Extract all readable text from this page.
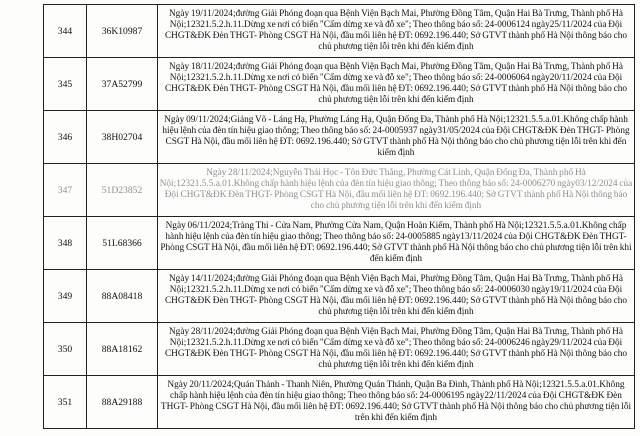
344	36K10987	Ngày 19/11/2024;đường Giải Phóng đoạn qua Bệnh Viện Bạch Mai, Phường Đồng Tâm, Quận Hai Bà Trưng, Thành phố Hà Nội;12321.5.2.h.11.Dừng xe nơi có biển "Cấm dừng xe và đỗ xe"; Theo thông báo số: 24-0006124 ngày25/11/2024 của Đội CHGT&ĐK Đèn THGT- Phòng CSGT Hà Nội, đầu mối liên hệ ĐT: 0692.196.440; Sở GTVT thành phố Hà Nội thông báo cho chủ phương tiện lỗi trên khi đến kiểm định
345	37A52799	Ngày 18/11/2024;đường Giải Phóng đoạn qua Bệnh Viện Bạch Mai, Phường Đồng Tâm, Quận Hai Bà Trưng, Thành phố Hà Nội;12321.5.2.h.11.Dừng xe nơi có biển "Cấm dừng xe và đỗ xe"; Theo thông báo số: 24-0006064 ngày20/11/2024 của Đội CHGT&ĐK Đèn THGT- Phòng CSGT Hà Nội, đầu mối liên hệ ĐT: 0692.196.440; Sở GTVT thành phố Hà Nội thông báo cho chủ phương tiện lỗi trên khi đến kiểm định
346	38H02704	Ngày 09/11/2024;Giảng Võ - Láng Hạ, Phường Láng Hạ, Quận Đống Đa, Thành phố Hà Nội;12321.5.5.a.01.Không chấp hành hiệu lệnh của đèn tín hiệu giao thông; Theo thông báo số: 24-0005937 ngày31/05/2024 của Đội CHGT&ĐK Đèn THGT- Phòng CSGT Hà Nội, đầu mối liên hệ ĐT: 0692.196.440; Sở GTVT thành phố Hà Nội thông báo cho chủ phương tiện lỗi trên khi đến kiểm định
347	51D23852	Ngày 28/11/2024;Nguyễn Thái Học - Tôn Đức Thắng, Phường Cát Linh, Quận Đống Đa, Thành phố Hà Nội;12321.5.5.a.01.Không chấp hành hiệu lệnh của đèn tín hiệu giao thông; Theo thông báo số: 24-0006270 ngày03/12/2024 của Đội CHGT&ĐK Đèn THGT- Phòng CSGT Hà Nội, đầu mối liên hệ ĐT: 0692.196.440; Sở GTVT thành phố Hà Nội thông báo cho chủ phương tiện lỗi trên khi đến kiểm định
348	51L68366	Ngày 06/11/2024;Tràng Thi - Cửa Nam, Phường Cửa Nam, Quận Hoàn Kiếm, Thành phố Hà Nội;12321.5.5.a.01.Không chấp hành hiệu lệnh của đèn tín hiệu giao thông; Theo thông báo số: 24-0005885 ngày13/11/2024 của Đội CHGT&ĐK Đèn THGT- Phòng CSGT Hà Nội, đầu mối liên hệ ĐT: 0692.196.440; Sở GTVT thành phố Hà Nội thông báo cho chủ phương tiện lỗi trên khi đến kiểm định
349	88A08418	Ngày 14/11/2024;đường Giải Phóng đoạn qua Bệnh Viện Bạch Mai, Phường Đồng Tâm, Quận Hai Bà Trưng, Thành phố Hà Nội;12321.5.2.h.11.Dừng xe nơi có biển "Cấm dừng xe và đỗ xe"; Theo thông báo số: 24-0006030 ngày19/11/2024 của Đội CHGT&ĐK Đèn THGT- Phòng CSGT Hà Nội, đầu mối liên hệ ĐT: 0692.196.440; Sở GTVT thành phố Hà Nội thông báo cho chủ phương tiện lỗi trên khi đến kiểm định
350	88A18162	Ngày 28/11/2024;đường Giải Phóng đoạn qua Bệnh Viện Bạch Mai, Phường Đồng Tâm, Quận Hai Bà Trưng, Thành phố Hà Nội;12321.5.2.h.11.Dừng xe nơi có biển "Cấm dừng xe và đỗ xe"; Theo thông báo số: 24-0006246 ngày29/11/2024 của Đội CHGT&ĐK Đèn THGT- Phòng CSGT Hà Nội, đầu mối liên hệ ĐT: 0692.196.440; Sở GTVT thành phố Hà Nội thông báo cho chủ phương tiện lỗi trên khi đến kiểm định
351	88A29188	Ngày 20/11/2024;Quán Thánh - Thanh Niên, Phường Quán Thánh, Quận Ba Đình, Thành phố Hà Nội;12321.5.5.a.01.Không chấp hành hiệu lệnh của đèn tín hiệu giao thông; Theo thông báo số: 24-0006195 ngày22/11/2024 của Đội CHGT&ĐK Đèn THGT- Phòng CSGT Hà Nội, đầu mối liên hệ ĐT: 0692.196.440; Sở GTVT thành phố Hà Nội thông báo cho chủ phương tiện lỗi trên khi đến kiểm định
